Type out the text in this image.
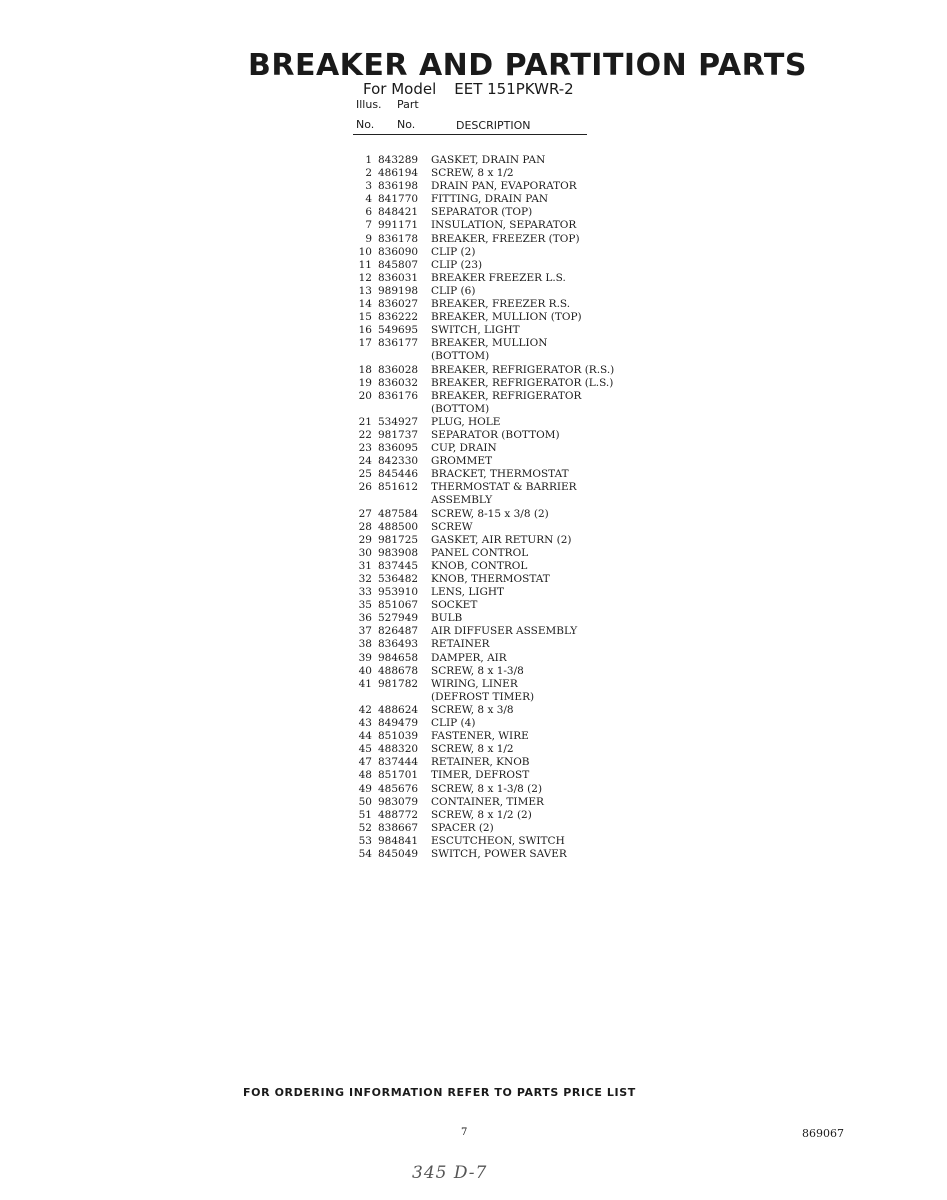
BREAKER AND PARTITION PARTS
For Model EET 151PKWR-2
Illus. Part
No. No.	DESCRIPTION
1 843289	GASKET, DRAIN PAN
2 486194	SCREW, 8 x 1/2
3 836198	DRAIN PAN, EVAPORATOR
4 841770	FITTING, DRAIN PAN
6 848421	SEPARATOR (TOP)
7 991171	INSULATION, SEPARATOR
9 836178	BREAKER, FREEZER (TOP)
10 836090	CLIP (2)
11 845807	CLIP (23)
12 836031	BREAKER FREEZER L.S.
13 989198	CLIP (6)
14 836027	BREAKER, FREEZER R.S.
15 836222	BREAKER, MULLION (TOP)
16 549695	SWITCH, LIGHT
17 836177	BREAKER, MULLION
(BOTTOM)
18 836028	BREAKER, REFRIGERATOR (R.S.)
19 836032	BREAKER, REFRIGERATOR (L.S.)
20 836176	BREAKER, REFRIGERATOR
(BOTTOM)
21 534927	PLUG, HOLE
22 981737	SEPARATOR (BOTTOM)
23 836095	CUP, DRAIN
24 842330	GROMMET
25 845446	BRACKET, THERMOSTAT
26 851612	THERMOSTAT & BARRIER
ASSEMBLY
27 487584	SCREW, 8-15 x 3/8 (2)
28 488500	SCREW
29 981725	GASKET, AIR RETURN (2)
30 983908	PANEL CONTROL
31 837445	KNOB, CONTROL
32 536482	KNOB, THERMOSTAT
33 953910	LENS, LIGHT
35 851067	SOCKET
36 527949	BULB
37 826487	AIR DIFFUSER ASSEMBLY
38 836493	RETAINER
39 984658	DAMPER, AIR
40 488678	SCREW, 8 x 1-3/8
41 981782	WIRING, LINER
(DEFROST TIMER)
42 488624	SCREW, 8 x 3/8
43 849479	CLIP (4)
44 851039	FASTENER, WIRE
45 488320	SCREW, 8 x 1/2
47 837444	RETAINER, KNOB
48 851701	TIMER, DEFROST
49 485676	SCREW, 8 x 1-3/8 (2)
50 983079	CONTAINER, TIMER
51 488772	SCREW, 8 x 1/2 (2)
52 838667	SPACER (2)
53 984841	ESCUTCHEON, SWITCH
54 845049	SWITCH, POWER SAVER
FOR ORDERING INFORMATION REFER TO PARTS PRICE LIST
7	869067
345 D-7
